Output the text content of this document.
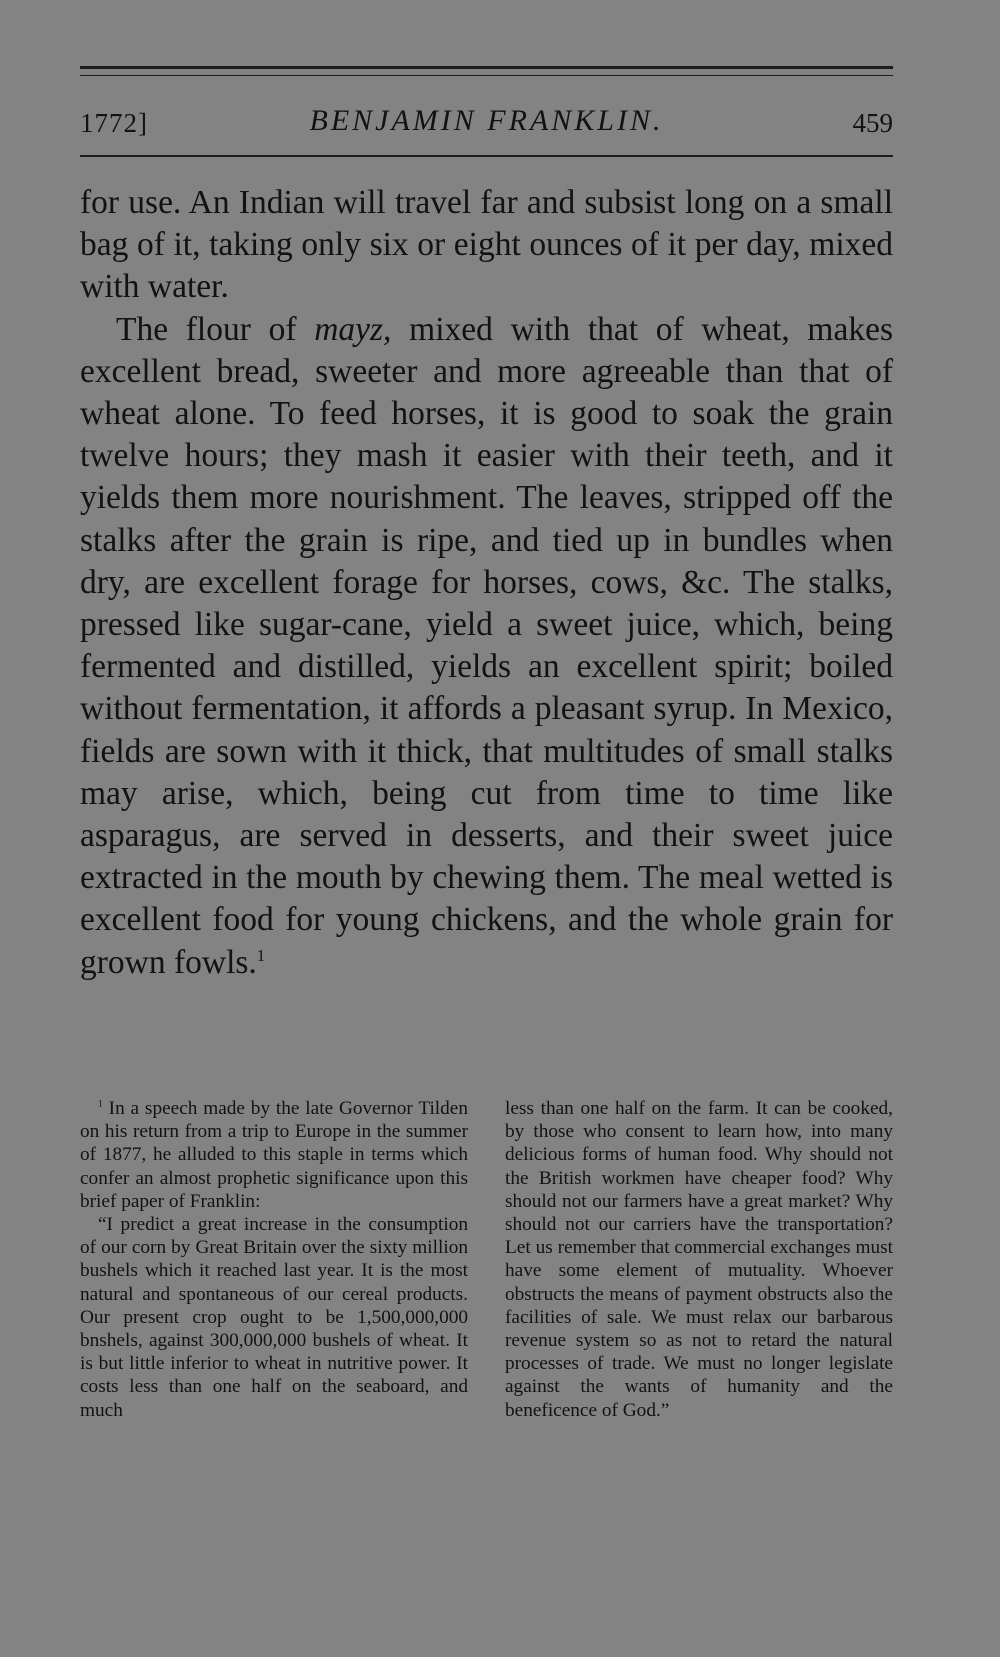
1772]	BENJAMIN FRANKLIN.	459

for use. An Indian will travel far and subsist long on a small bag of it, taking only six or eight ounces of it per day, mixed with water.

The flour of mayz, mixed with that of wheat, makes excellent bread, sweeter and more agreeable than that of wheat alone. To feed horses, it is good to soak the grain twelve hours; they mash it easier with their teeth, and it yields them more nourishment. The leaves, stripped off the stalks after the grain is ripe, and tied up in bundles when dry, are excellent forage for horses, cows, &c. The stalks, pressed like sugar-cane, yield a sweet juice, which, being fermented and distilled, yields an excellent spirit; boiled without fermentation, it affords a pleasant syrup. In Mexico, fields are sown with it thick, that multitudes of small stalks may arise, which, being cut from time to time like asparagus, are served in desserts, and their sweet juice extracted in the mouth by chewing them. The meal wetted is excellent food for young chickens, and the whole grain for grown fowls.$^1$

$^1$ In a speech made by the late Governor Tilden on his return from a trip to Europe in the summer of 1877, he alluded to this staple in terms which confer an almost prophetic significance upon this brief paper of Franklin:

“I predict a great increase in the consumption of our corn by Great Britain over the sixty million bushels which it reached last year. It is the most natural and spontaneous of our cereal products. Our present crop ought to be 1,500,000,000 bnshels, against 300,000,000 bushels of wheat. It is but little inferior to wheat in nutritive power. It costs less than one half on the seaboard, and much

less than one half on the farm. It can be cooked, by those who consent to learn how, into many delicious forms of human food. Why should not the British workmen have cheaper food? Why should not our farmers have a great market? Why should not our carriers have the transportation? Let us remember that commercial exchanges must have some element of mutuality. Whoever obstructs the means of payment obstructs also the facilities of sale. We must relax our barbarous revenue system so as not to retard the natural processes of trade. We must no longer legislate against the wants of humanity and the beneficence of God.”
